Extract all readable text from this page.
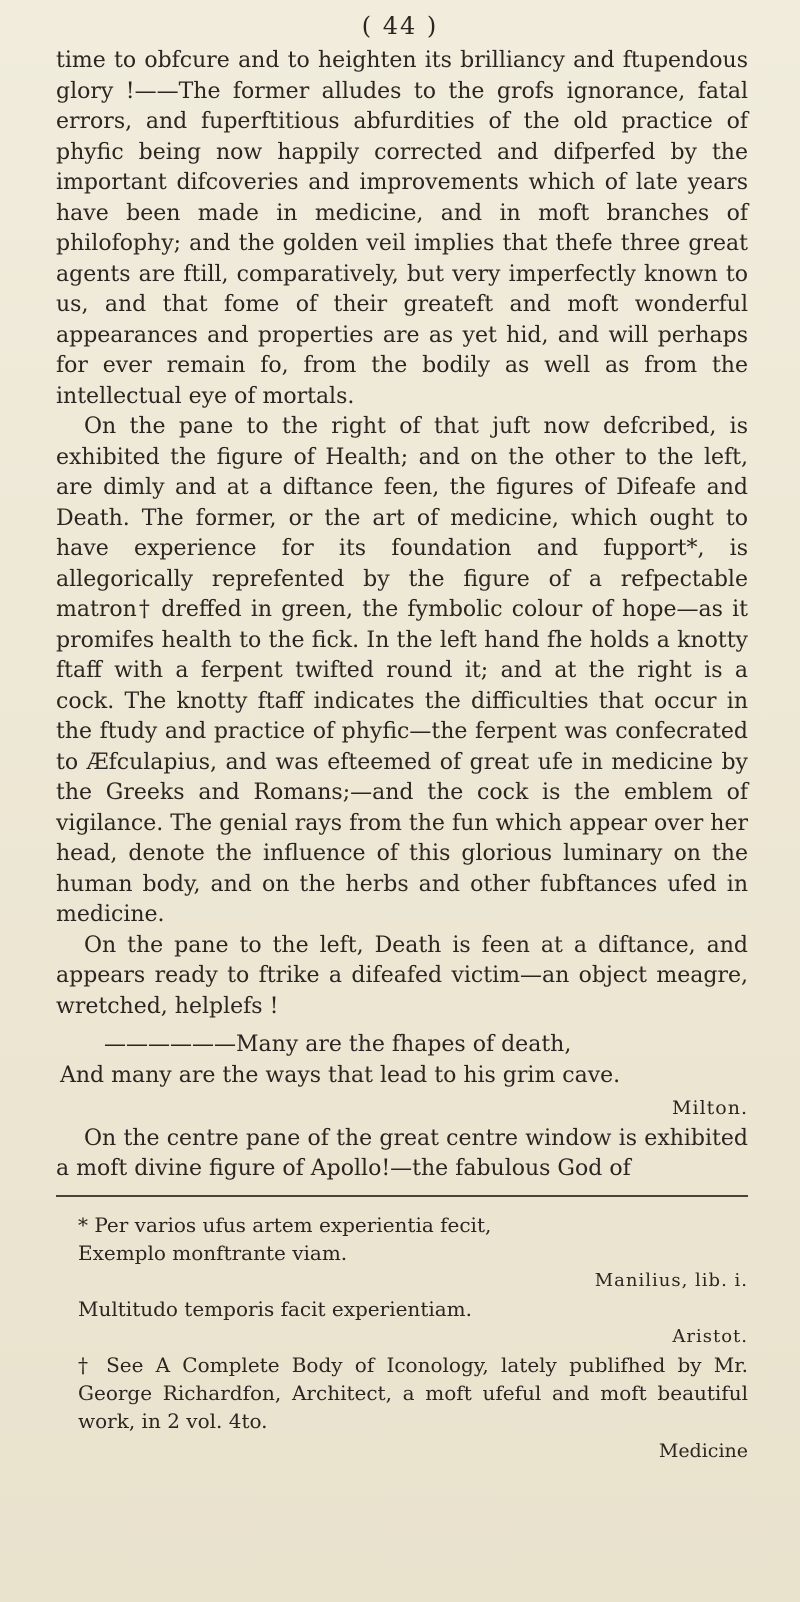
( 44 )

time to obfcure and to heighten its brilliancy and ftupendous glory !——The former alludes to the grofs ignorance, fatal errors, and fuperftitious abfurdities of the old practice of phyfic being now happily corrected and difperfed by the important difcoveries and improvements which of late years have been made in medicine, and in moft branches of philofophy; and the golden veil implies that thefe three great agents are ftill, comparatively, but very imperfectly known to us, and that fome of their greateft and moft wonderful appearances and properties are as yet hid, and will perhaps for ever remain fo, from the bodily as well as from the intellectual eye of mortals.

On the pane to the right of that juft now defcribed, is exhibited the figure of Health; and on the other to the left, are dimly and at a diftance feen, the figures of Difeafe and Death. The former, or the art of medicine, which ought to have experience for its foundation and fupport*, is allegorically reprefented by the figure of a refpectable matron† dreffed in green, the fymbolic colour of hope—as it promifes health to the fick. In the left hand fhe holds a knotty ftaff with a ferpent twifted round it; and at the right is a cock. The knotty ftaff indicates the difficulties that occur in the ftudy and practice of phyfic—the ferpent was confecrated to Æfculapius, and was efteemed of great ufe in medicine by the Greeks and Romans;—and the cock is the emblem of vigilance. The genial rays from the fun which appear over her head, denote the influence of this glorious luminary on the human body, and on the herbs and other fubftances ufed in medicine.

On the pane to the left, Death is feen at a diftance, and appears ready to ftrike a difeafed victim—an object meagre, wretched, helplefs !

——————Many are the fhapes of death,
And many are the ways that lead to his grim cave.
Milton.

On the centre pane of the great centre window is exhibited a moft divine figure of Apollo!—the fabulous God of

* Per varios ufus artem experientia fecit,

Exemplo monftrante viam.

Manilius, lib. i.

Multitudo temporis facit experientiam.

Aristot.

† See A Complete Body of Iconology, lately publifhed by Mr. George Richardfon, Architect, a moft ufeful and moft beautiful work, in 2 vol. 4to.

Medicine
